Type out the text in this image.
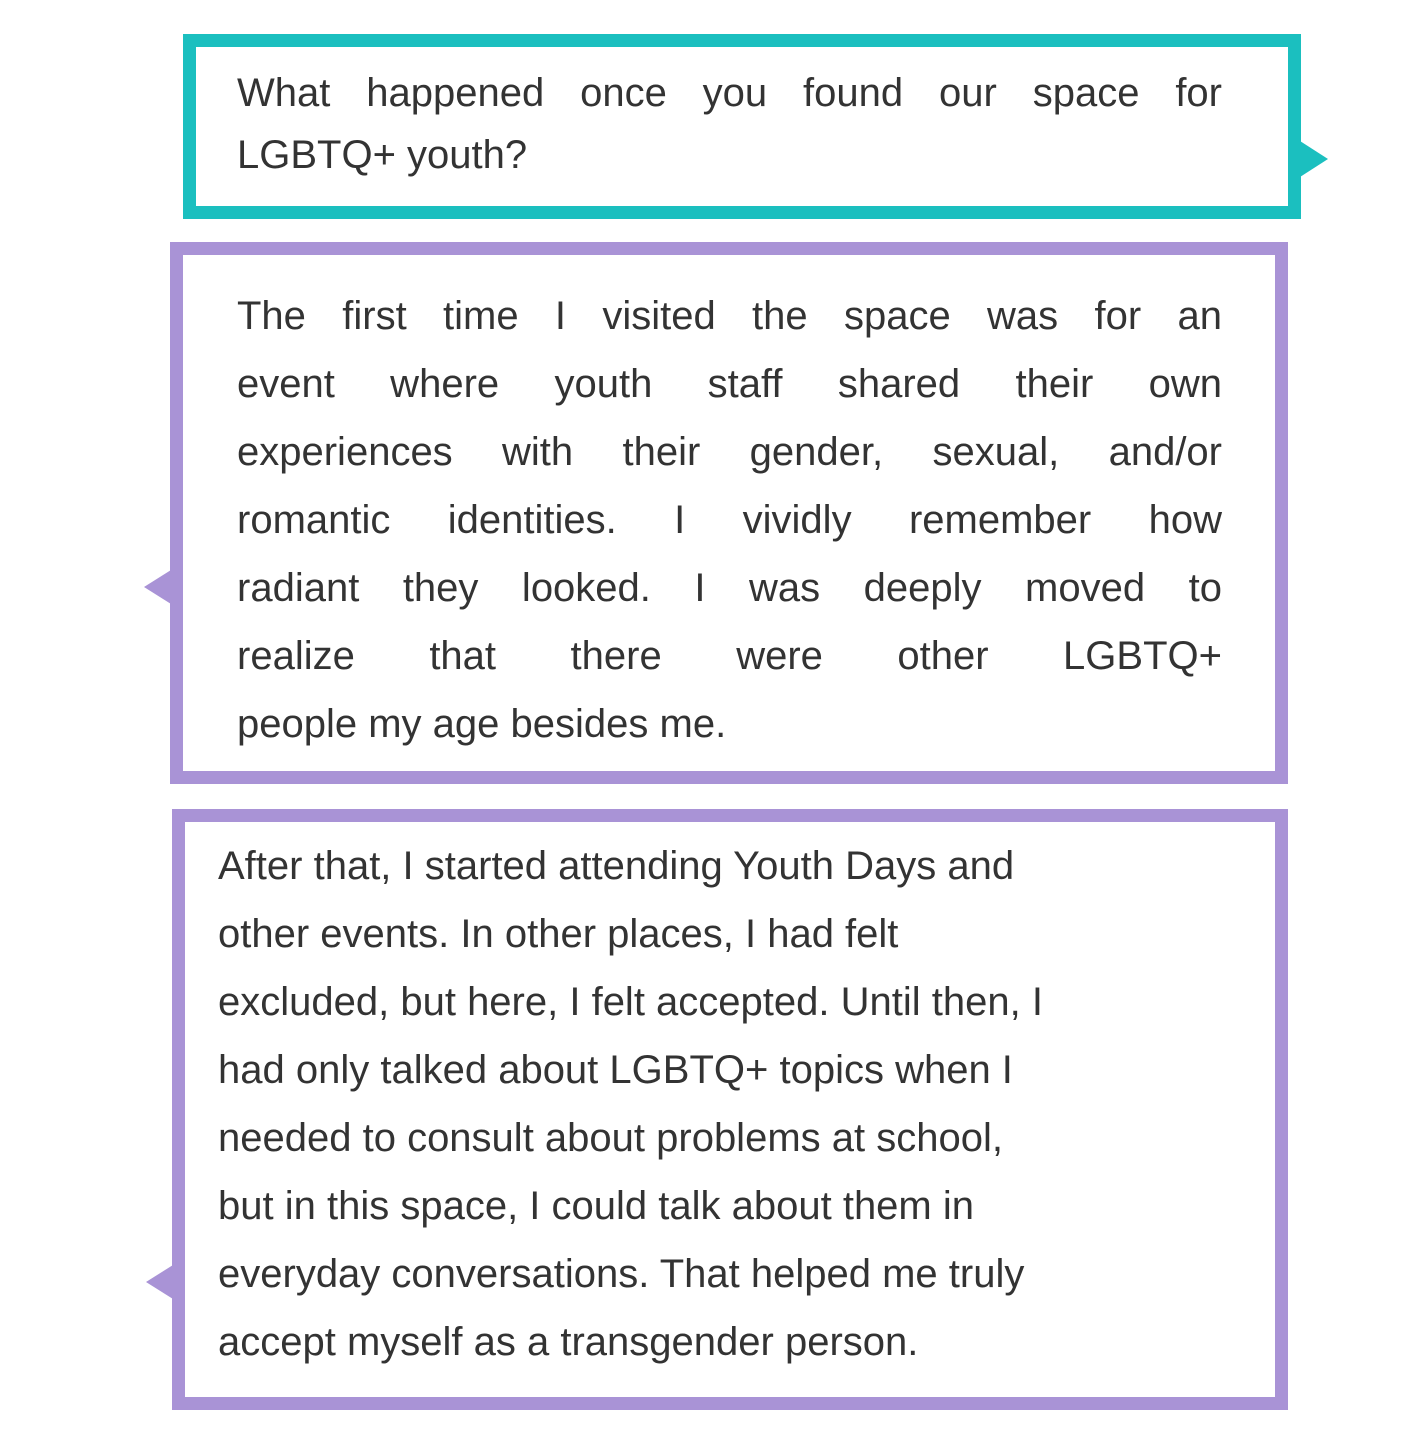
What happened once you found our space for
LGBTQ+ youth?
The first time I visited the space was for an
event where youth staff shared their own
experiences with their gender, sexual, and/or
romantic identities. I vividly remember how
radiant they looked. I was deeply moved to
realize that there were other LGBTQ+
people my age besides me.
After that, I started attending Youth Days and
other events. In other places, I had felt
excluded, but here, I felt accepted. Until then, I
had only talked about LGBTQ+ topics when I
needed to consult about problems at school,
but in this space, I could talk about them in
everyday conversations. That helped me truly
accept myself as a transgender person.
